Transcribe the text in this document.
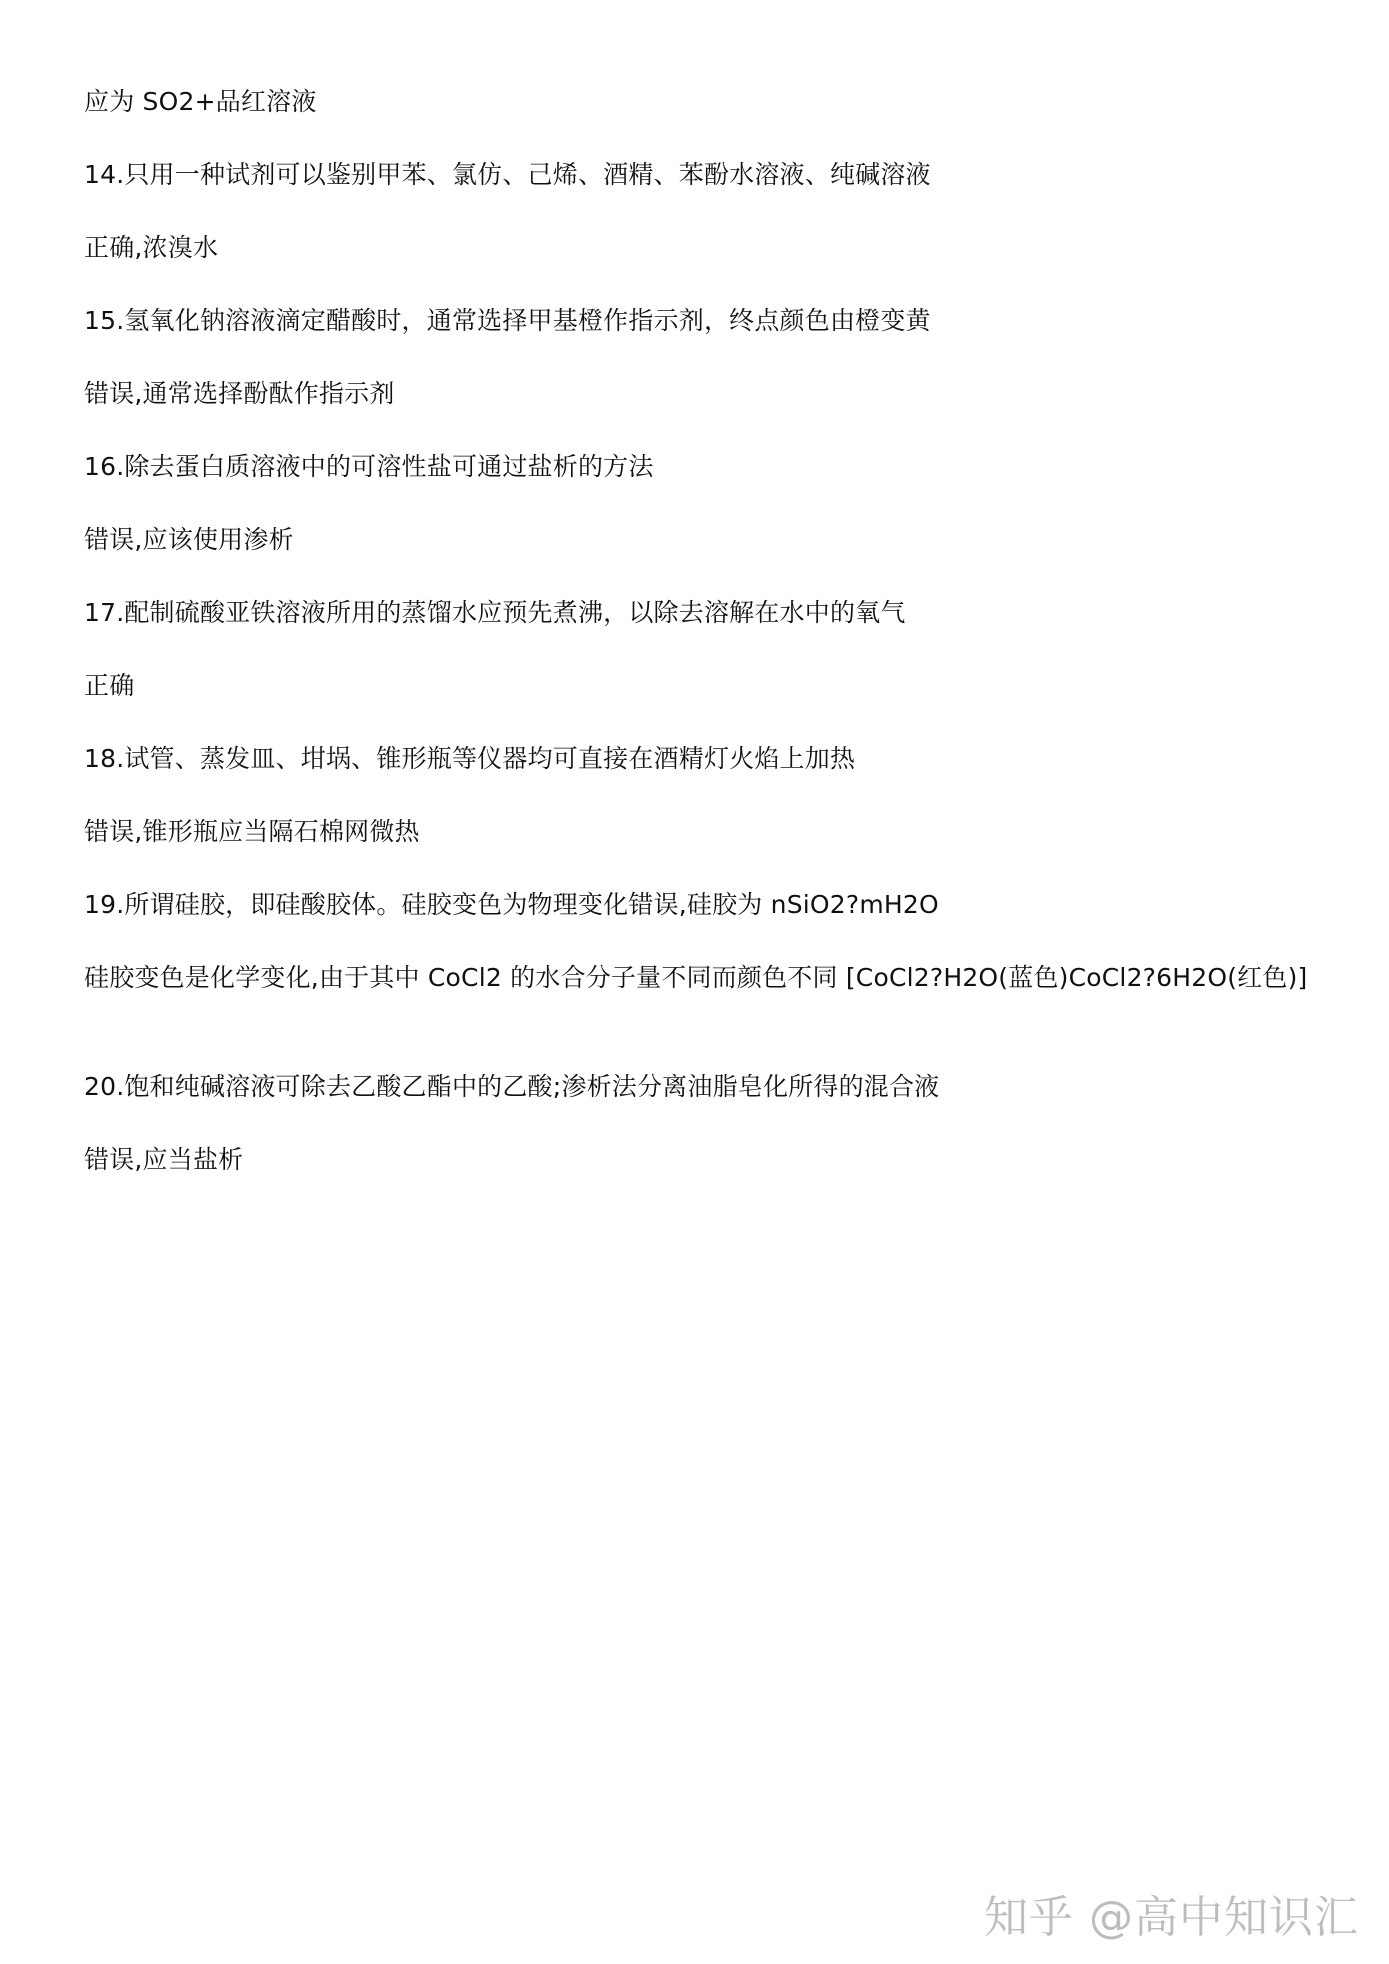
应为 SO2+品红溶液
14.只用一种试剂可以鉴别甲苯、氯仿、己烯、酒精、苯酚水溶液、纯碱溶液
正确,浓溴水
15.氢氧化钠溶液滴定醋酸时，通常选择甲基橙作指示剂，终点颜色由橙变黄
错误,通常选择酚酞作指示剂
16.除去蛋白质溶液中的可溶性盐可通过盐析的方法
错误,应该使用渗析
17.配制硫酸亚铁溶液所用的蒸馏水应预先煮沸，以除去溶解在水中的氧气
正确
18.试管、蒸发皿、坩埚、锥形瓶等仪器均可直接在酒精灯火焰上加热
错误,锥形瓶应当隔石棉网微热
19.所谓硅胶，即硅酸胶体。硅胶变色为物理变化错误,硅胶为 nSiO2?mH2O
硅胶变色是化学变化,由于其中 CoCl2 的水合分子量不同而颜色不同 [CoCl2?H2O(蓝色)CoCl2?6H2O(红色)]
20.饱和纯碱溶液可除去乙酸乙酯中的乙酸;渗析法分离油脂皂化所得的混合液
错误,应当盐析
知乎 @高中知识汇
